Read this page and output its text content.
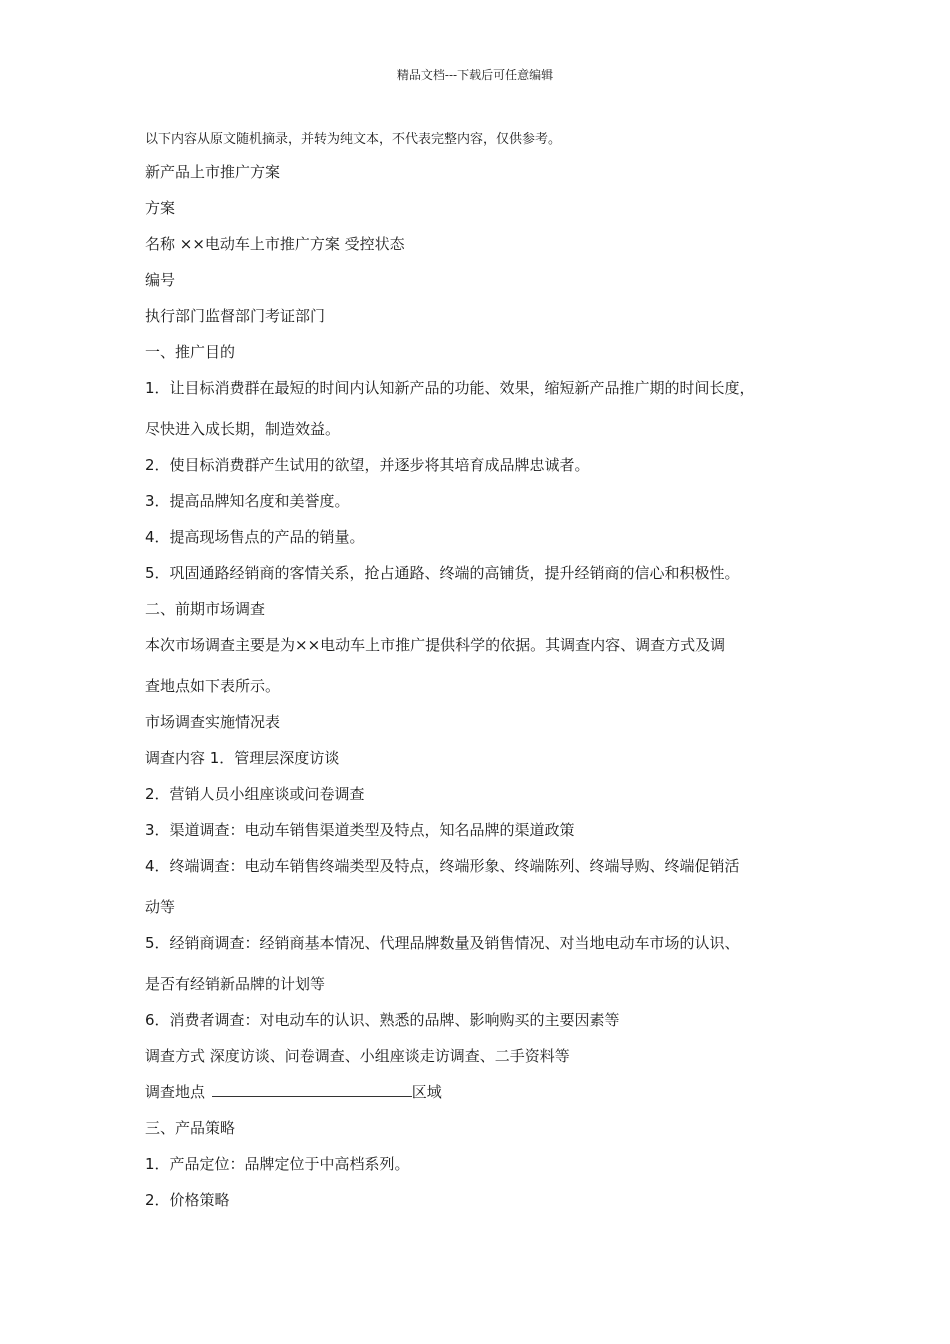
精品文档---下载后可任意编辑
以下内容从原文随机摘录，并转为纯文本，不代表完整内容，仅供参考。
新产品上市推广方案
方案
名称 ××电动车上市推广方案 受控状态
编号
执行部门监督部门考证部门
一、推广目的
1．让目标消费群在最短的时间内认知新产品的功能、效果，缩短新产品推广期的时间长度，
尽快进入成长期，制造效益。
2．使目标消费群产生试用的欲望，并逐步将其培育成品牌忠诚者。
3．提高品牌知名度和美誉度。
4．提高现场售点的产品的销量。
5．巩固通路经销商的客情关系，抢占通路、终端的高铺货，提升经销商的信心和积极性。
二、前期市场调查
本次市场调查主要是为××电动车上市推广提供科学的依据。其调查内容、调查方式及调
查地点如下表所示。
市场调查实施情况表
调查内容 1．管理层深度访谈
2．营销人员小组座谈或问卷调查
3．渠道调查：电动车销售渠道类型及特点，知名品牌的渠道政策
4．终端调查：电动车销售终端类型及特点，终端形象、终端陈列、终端导购、终端促销活
动等
5．经销商调查：经销商基本情况、代理品牌数量及销售情况、对当地电动车市场的认识、
是否有经销新品牌的计划等
6．消费者调查：对电动车的认识、熟悉的品牌、影响购买的主要因素等
调查方式 深度访谈、问卷调查、小组座谈走访调查、二手资料等
调查地点	区域
三、产品策略
1．产品定位：品牌定位于中高档系列。
2．价格策略
